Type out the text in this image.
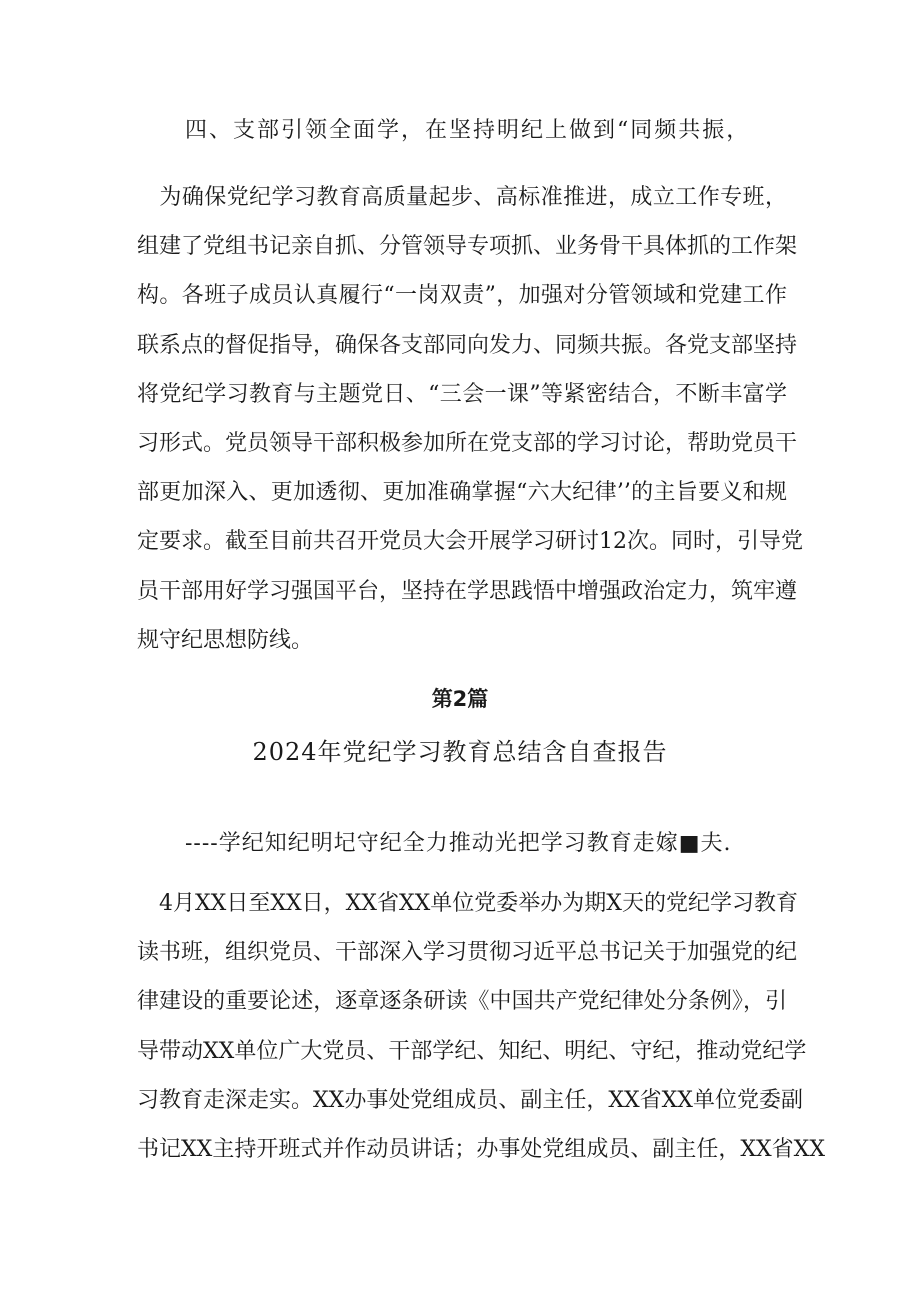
四、支部引领全面学，在坚持明纪上做到“同频共振，
　为确保党纪学习教育高质量起步、高标准推进，成立工作专班，
组建了党组书记亲自抓、分管领导专项抓、业务骨干具体抓的工作架
构。各班子成员认真履行“一岗双责”，加强对分管领域和党建工作
联系点的督促指导，确保各支部同向发力、同频共振。各党支部坚持
将党纪学习教育与主题党日、“三会一课”等紧密结合，不断丰富学
习形式。党员领导干部积极参加所在党支部的学习讨论，帮助党员干
部更加深入、更加透彻、更加准确掌握“六大纪律’’的主旨要义和规
定要求。截至目前共召开党员大会开展学习研讨12次。同时，引导党
员干部用好学习强国平台，坚持在学思践悟中增强政治定力，筑牢遵
规守纪思想防线。
第2篇
2024年党纪学习教育总结含自查报告
----学纪知纪明圮守纪全力推动光把学习教育走嫁■夫.
　4月XX日至XX日，XX省XX单位党委举办为期X天的党纪学习教育
读书班，组织党员、干部深入学习贯彻习近平总书记关于加强党的纪
律建设的重要论述，逐章逐条研读《中国共产党纪律处分条例》，引
导带动XX单位广大党员、干部学纪、知纪、明纪、守纪，推动党纪学
习教育走深走实。XX办事处党组成员、副主任，XX省XX单位党委副
书记XX主持开班式并作动员讲话；办事处党组成员、副主任，XX省XX
